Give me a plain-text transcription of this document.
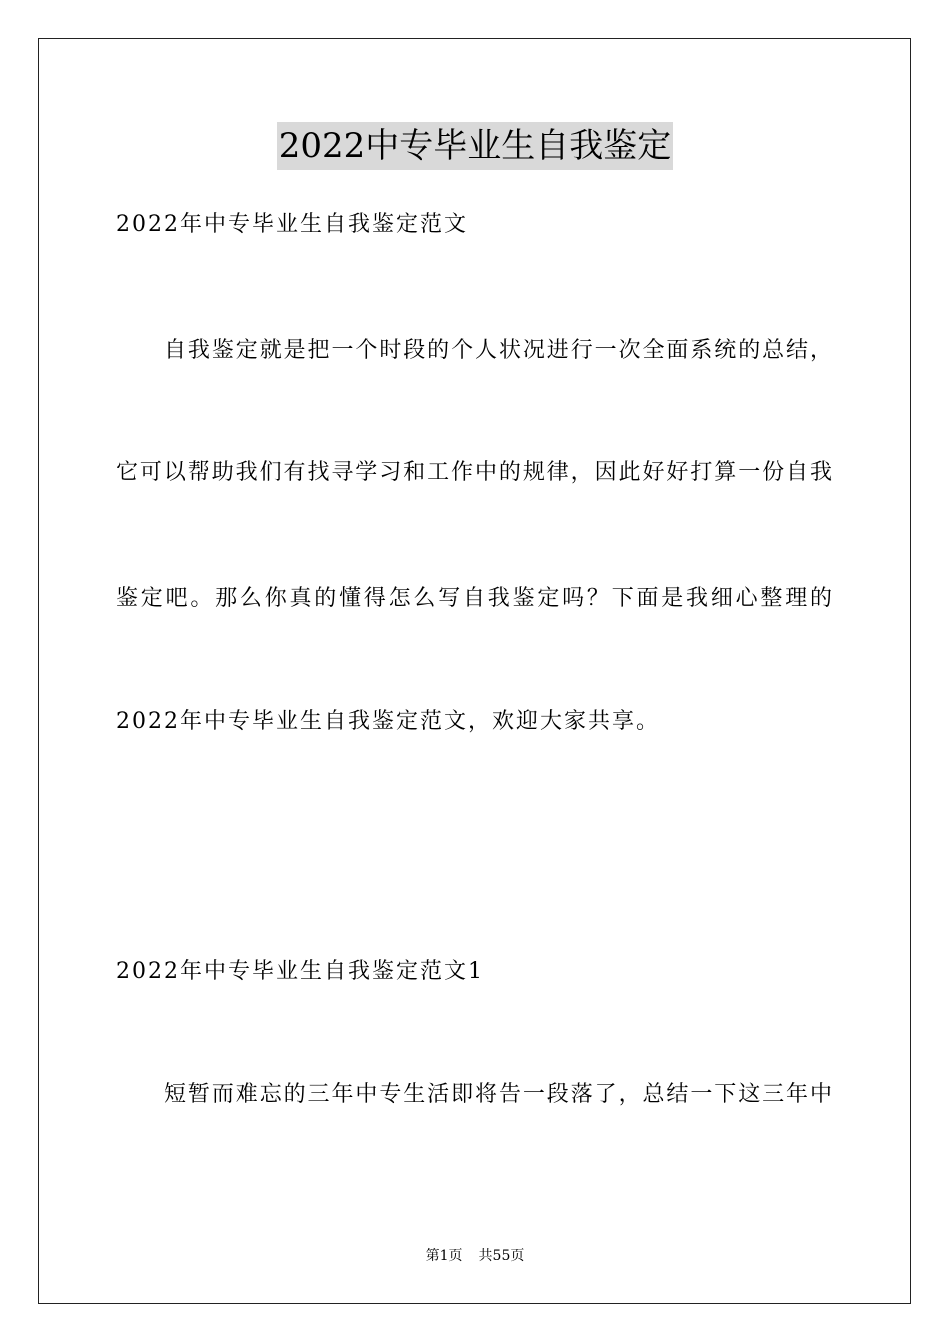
2022中专毕业生自我鉴定
2022年中专毕业生自我鉴定范文
自我鉴定就是把一个时段的个人状况进行一次全面系统的总结，
它可以帮助我们有找寻学习和工作中的规律，因此好好打算一份自我
鉴定吧。那么你真的懂得怎么写自我鉴定吗？下面是我细心整理的
2022年中专毕业生自我鉴定范文，欢迎大家共享。
2022年中专毕业生自我鉴定范文1
短暂而难忘的三年中专生活即将告一段落了，总结一下这三年中
第1页 共55页
